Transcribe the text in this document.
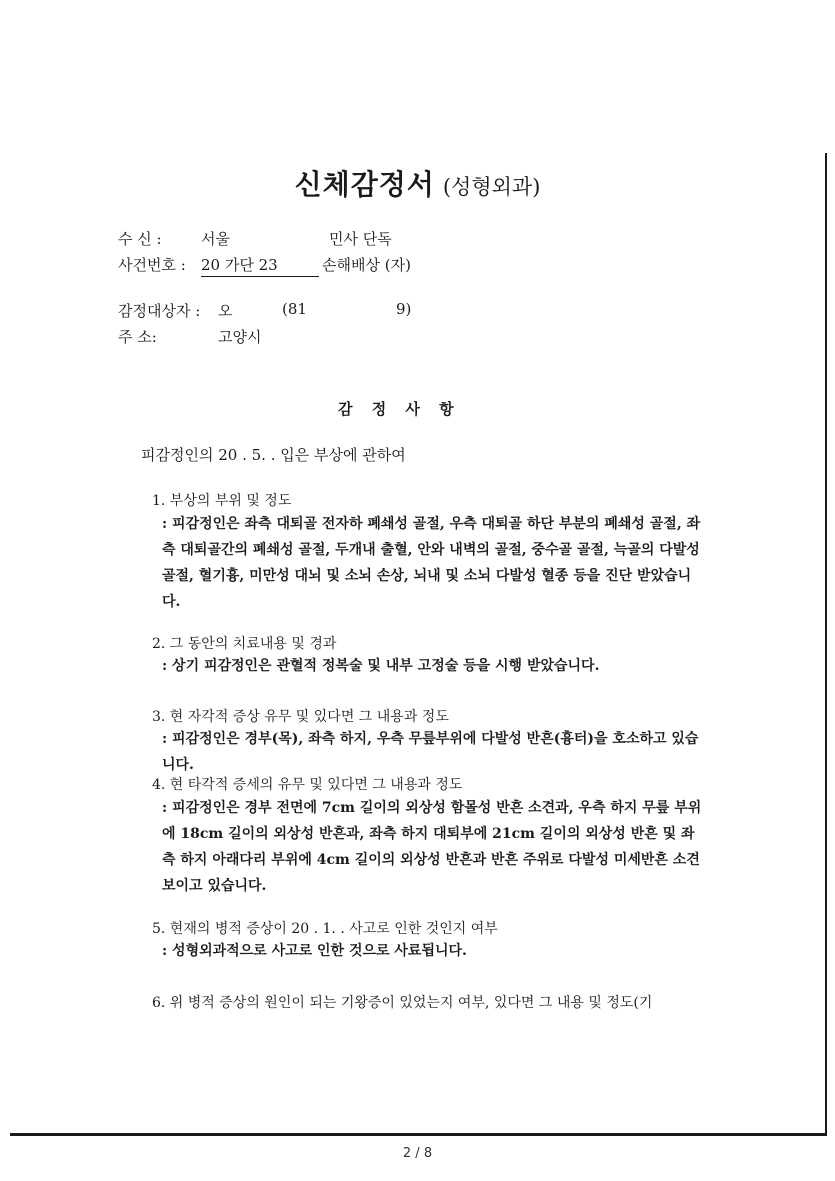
신체감정서 (성형외과)
수 신 :	서울	민사 단독
사건번호 : 20 가단 23	손해배상 (자)
감정대상자 : 오	(81	9)
주 소:	고양시
감 정 사 항
피감정인의 20 . 5. . 입은 부상에 관하여
1. 부상의 부위 및 정도
: 피감정인은 좌측 대퇴골 전자하 폐쇄성 골절, 우측 대퇴골 하단 부분의 폐쇄성 골절, 좌측 대퇴골간의 폐쇄성 골절, 두개내 출혈, 안와 내벽의 골절, 중수골 골절, 늑골의 다발성 골절, 혈기흉, 미만성 대뇌 및 소뇌 손상, 뇌내 및 소뇌 다발성 혈종 등을 진단 받았습니다.
2. 그 동안의 치료내용 및 경과
: 상기 피감정인은 관혈적 정복술 및 내부 고정술 등을 시행 받았습니다.
3. 현 자각적 증상 유무 및 있다면 그 내용과 정도
: 피감정인은 경부(목), 좌측 하지, 우측 무릎부위에 다발성 반흔(흉터)을 호소하고 있습니다.
4. 현 타각적 증세의 유무 및 있다면 그 내용과 정도
: 피감정인은 경부 전면에 7cm 길이의 외상성 함몰성 반흔 소견과, 우측 하지 무릎 부위에 18cm 길이의 외상성 반흔과, 좌측 하지 대퇴부에 21cm 길이의 외상성 반흔 및 좌측 하지 아래다리 부위에 4cm 길이의 외상성 반흔과 반흔 주위로 다발성 미세반흔 소견 보이고 있습니다.
5. 현재의 병적 증상이 20 . 1. . 사고로 인한 것인지 여부
: 성형외과적으로 사고로 인한 것으로 사료됩니다.
6. 위 병적 증상의 원인이 되는 기왕증이 있었는지 여부, 있다면 그 내용 및 정도(기
2 / 8
